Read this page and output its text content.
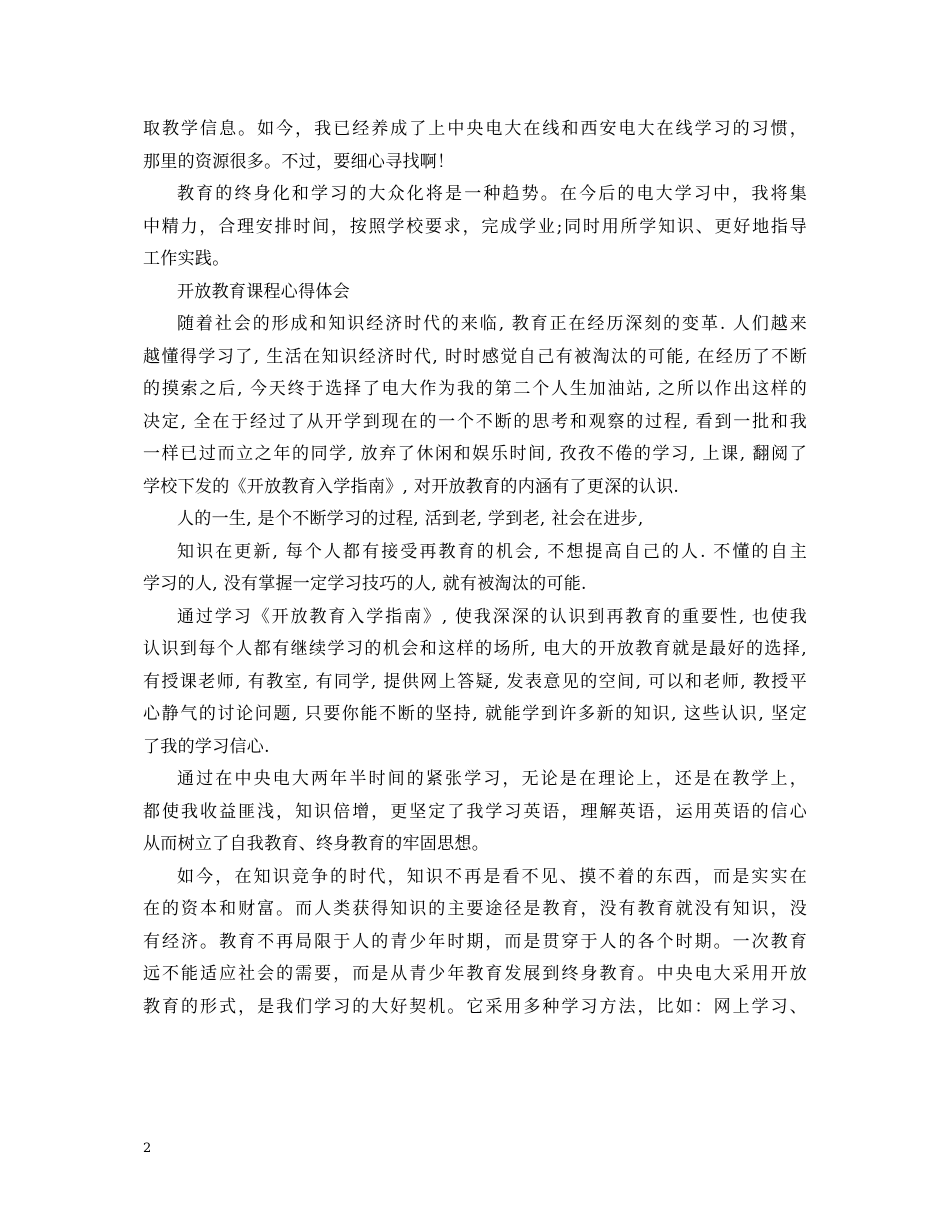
取教学信息。如今，我已经养成了上中央电大在线和西安电大在线学习的习惯，
那里的资源很多。不过，要细心寻找啊！

教育的终身化和学习的大众化将是一种趋势。在今后的电大学习中，我将集
中精力，合理安排时间，按照学校要求，完成学业;同时用所学知识、更好地指导
工作实践。

开放教育课程心得体会

随着社会的形成和知识经济时代的来临, 教育正在经历深刻的变革. 人们越来
越懂得学习了, 生活在知识经济时代, 时时感觉自己有被淘汰的可能, 在经历了不断
的摸索之后, 今天终于选择了电大作为我的第二个人生加油站, 之所以作出这样的
决定, 全在于经过了从开学到现在的一个不断的思考和观察的过程, 看到一批和我
一样已过而立之年的同学, 放弃了休闲和娱乐时间, 孜孜不倦的学习, 上课, 翻阅了
学校下发的《开放教育入学指南》, 对开放教育的内涵有了更深的认识.

人的一生, 是个不断学习的过程, 活到老, 学到老, 社会在进步,

知识在更新, 每个人都有接受再教育的机会, 不想提高自己的人. 不懂的自主
学习的人, 没有掌握一定学习技巧的人, 就有被淘汰的可能.

通过学习《开放教育入学指南》, 使我深深的认识到再教育的重要性, 也使我
认识到每个人都有继续学习的机会和这样的场所, 电大的开放教育就是最好的选择,
有授课老师, 有教室, 有同学, 提供网上答疑, 发表意见的空间, 可以和老师, 教授平
心静气的讨论问题, 只要你能不断的坚持, 就能学到许多新的知识, 这些认识, 坚定
了我的学习信心.

通过在中央电大两年半时间的紧张学习，无论是在理论上，还是在教学上，
都使我收益匪浅，知识倍增，更坚定了我学习英语，理解英语，运用英语的信心
从而树立了自我教育、终身教育的牢固思想。

如今，在知识竞争的时代，知识不再是看不见、摸不着的东西，而是实实在
在的资本和财富。而人类获得知识的主要途径是教育，没有教育就没有知识，没
有经济。教育不再局限于人的青少年时期，而是贯穿于人的各个时期。一次教育
远不能适应社会的需要，而是从青少年教育发展到终身教育。中央电大采用开放
教育的形式，是我们学习的大好契机。它采用多种学习方法，比如：网上学习、

2
